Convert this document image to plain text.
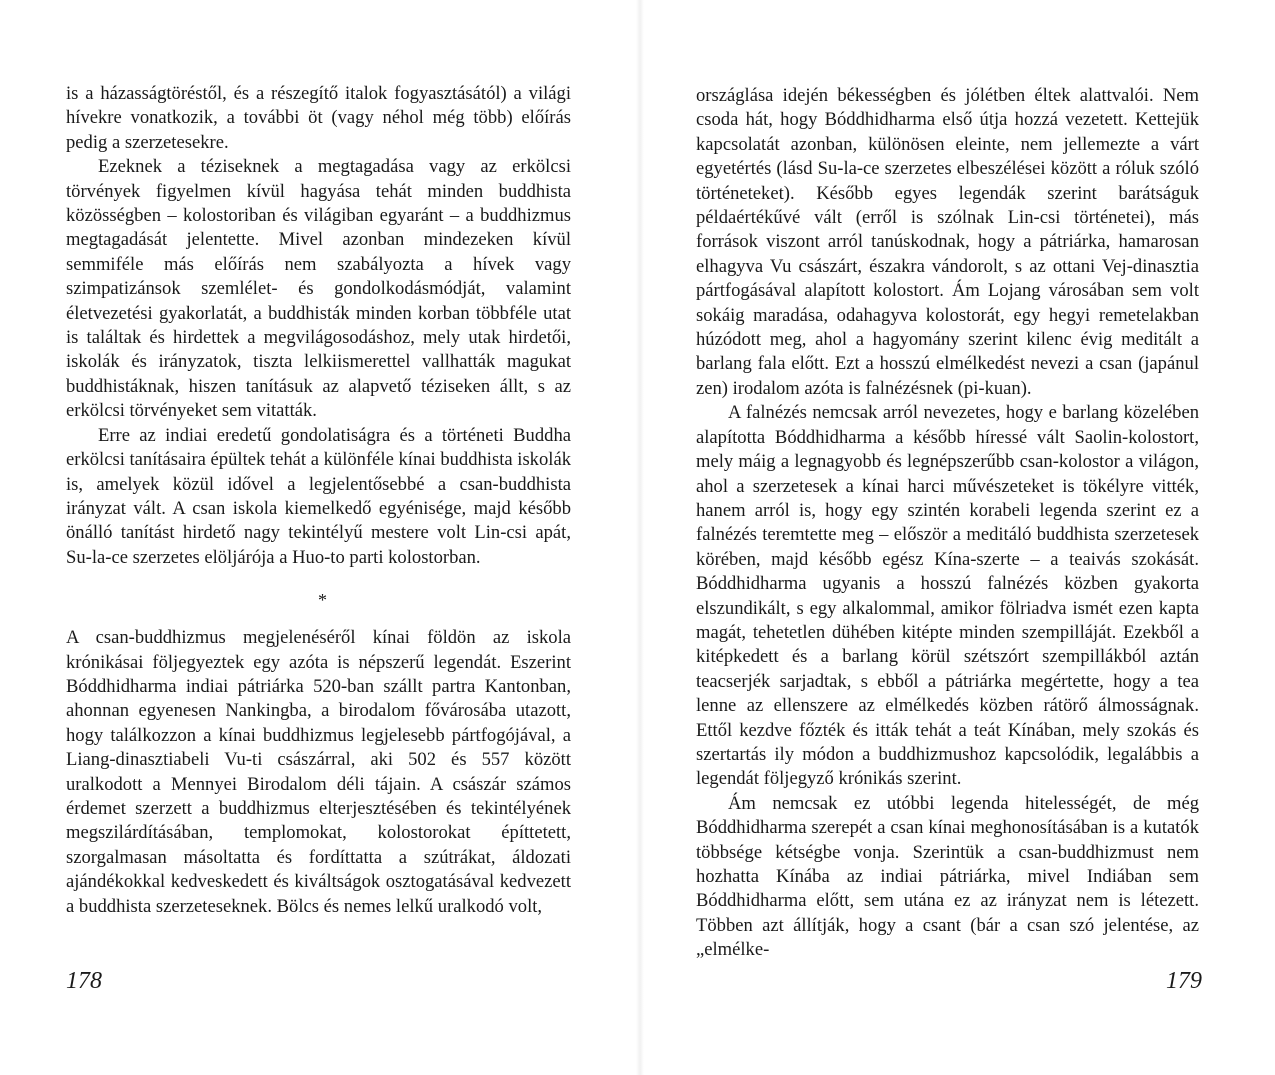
is a házasságtöréstől, és a részegítő italok fogyasztásától) a világi hívekre vonatkozik, a további öt (vagy néhol még több) előírás pedig a szerzetesekre.

Ezeknek a téziseknek a megtagadása vagy az erkölcsi törvények figyelmen kívül hagyása tehát minden buddhista közösségben – kolostoriban és világiban egyaránt – a buddhizmus megtagadását jelentette. Mivel azonban mindezeken kívül semmiféle más előírás nem szabályozta a hívek vagy szimpatizánsok szemlélet- és gondolkodásmódját, valamint életvezetési gyakorlatát, a buddhisták minden korban többféle utat is találtak és hirdettek a megvilágosodáshoz, mely utak hirdetői, iskolák és irányzatok, tiszta lelkiismerettel vallhatták magukat buddhistáknak, hiszen tanításuk az alapvető téziseken állt, s az erkölcsi törvényeket sem vitatták.

Erre az indiai eredetű gondolatiságra és a történeti Buddha erkölcsi tanításaira épültek tehát a különféle kínai buddhista iskolák is, amelyek közül idővel a legjelentősebbé a csan-buddhista irányzat vált. A csan iskola kiemelkedő egyénisége, majd később önálló tanítást hirdető nagy tekintélyű mestere volt Lin-csi apát, Su-la-ce szerzetes elöljárója a Huo-to parti kolostorban.

*

A csan-buddhizmus megjelenéséről kínai földön az iskola krónikásai följegyeztek egy azóta is népszerű legendát. Eszerint Bóddhidharma indiai pátriárka 520-ban szállt partra Kantonban, ahonnan egyenesen Nankingba, a birodalom fővárosába utazott, hogy találkozzon a kínai buddhizmus legjelesebb pártfogójával, a Liang-dinasztiabeli Vu-ti császárral, aki 502 és 557 között uralkodott a Mennyei Birodalom déli tájain. A császár számos érdemet szerzett a buddhizmus elterjesztésében és tekintélyének megszilárdításában, templomokat, kolostorokat építtetett, szorgalmasan másoltatta és fordíttatta a szútrákat, áldozati ajándékokkal kedveskedett és kiváltságok osztogatásával kedvezett a buddhista szerzeteseknek. Bölcs és nemes lelkű uralkodó volt,

178

országlása idején békességben és jólétben éltek alattvalói. Nem csoda hát, hogy Bóddhidharma első útja hozzá vezetett. Kettejük kapcsolatát azonban, különösen eleinte, nem jellemezte a várt egyetértés (lásd Su-la-ce szerzetes elbeszélései között a róluk szóló történeteket). Később egyes legendák szerint barátságuk példaértékűvé vált (erről is szólnak Lin-csi történetei), más források viszont arról tanúskodnak, hogy a pátriárka, hamarosan elhagyva Vu császárt, északra vándorolt, s az ottani Vej-dinasztia pártfogásával alapított kolostort. Ám Lojang városában sem volt sokáig maradása, odahagyva kolostorát, egy hegyi remetelakban húzódott meg, ahol a hagyomány szerint kilenc évig meditált a barlang fala előtt. Ezt a hosszú elmélkedést nevezi a csan (japánul zen) irodalom azóta is falnézésnek (pi-kuan).

A falnézés nemcsak arról nevezetes, hogy e barlang közelében alapította Bóddhidharma a később híressé vált Saolin-kolostort, mely máig a legnagyobb és legnépszerűbb csan-kolostor a világon, ahol a szerzetesek a kínai harci művészeteket is tökélyre vitték, hanem arról is, hogy egy szintén korabeli legenda szerint ez a falnézés teremtette meg – először a meditáló buddhista szerzetesek körében, majd később egész Kína-szerte – a teaivás szokását. Bóddhidharma ugyanis a hosszú falnézés közben gyakorta elszundikált, s egy alkalommal, amikor fölriadva ismét ezen kapta magát, tehetetlen dühében kitépte minden szempilláját. Ezekből a kitépkedett és a barlang körül szétszórt szempillákból aztán teacserjék sarjadtak, s ebből a pátriárka megértette, hogy a tea lenne az ellenszere az elmélkedés közben rátörő álmosságnak. Ettől kezdve főzték és itták tehát a teát Kínában, mely szokás és szertartás ily módon a buddhizmushoz kapcsolódik, legalábbis a legendát följegyző krónikás szerint.

Ám nemcsak ez utóbbi legenda hitelességét, de még Bóddhidharma szerepét a csan kínai meghonosításában is a kutatók többsége kétségbe vonja. Szerintük a csan-buddhizmust nem hozhatta Kínába az indiai pátriárka, mivel Indiában sem Bóddhidharma előtt, sem utána ez az irányzat nem is létezett. Többen azt állítják, hogy a csant (bár a csan szó jelentése, az „elmélke-

179
